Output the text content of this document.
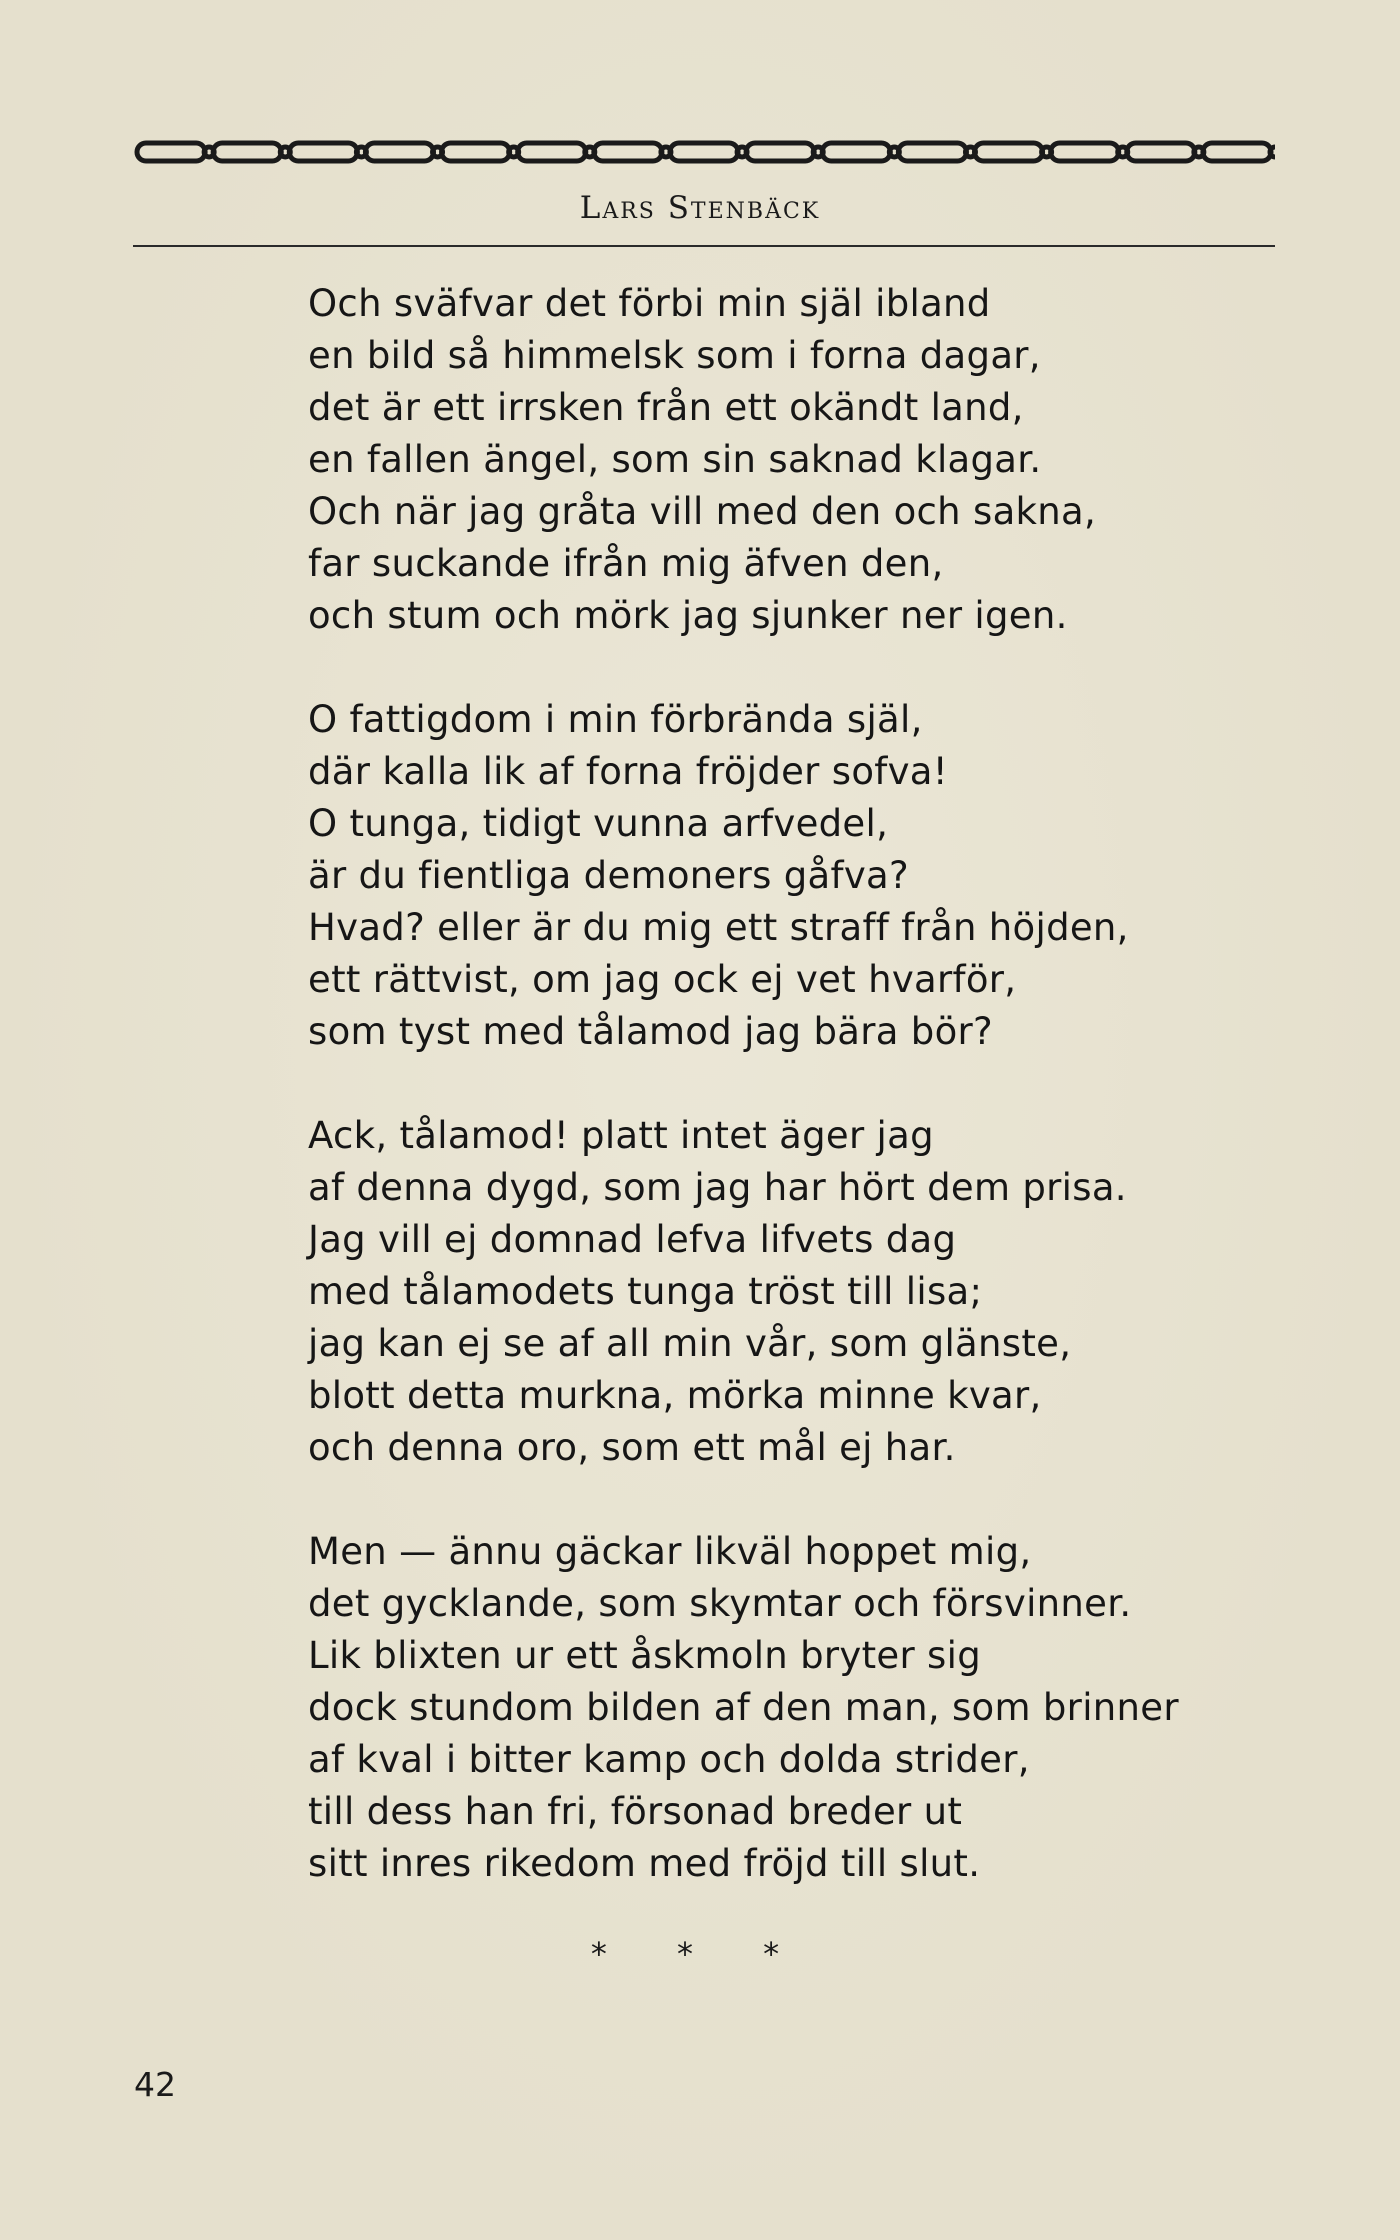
Lars Stenbäck
Och sväfvar det förbi min själ ibland
en bild så himmelsk som i forna dagar,
det är ett irrsken från ett okändt land,
en fallen ängel, som sin saknad klagar.
Och när jag gråta vill med den och sakna,
far suckande ifrån mig äfven den,
och stum och mörk jag sjunker ner igen.
O fattigdom i min förbrända själ,
där kalla lik af forna fröjder sofva!
O tunga, tidigt vunna arfvedel,
är du fientliga demoners gåfva?
Hvad? eller är du mig ett straff från höjden,
ett rättvist, om jag ock ej vet hvarför,
som tyst med tålamod jag bära bör?
Ack, tålamod! platt intet äger jag
af denna dygd, som jag har hört dem prisa.
Jag vill ej domnad lefva lifvets dag
med tålamodets tunga tröst till lisa;
jag kan ej se af all min vår, som glänste,
blott detta murkna, mörka minne kvar,
och denna oro, som ett mål ej har.
Men — ännu gäckar likväl hoppet mig,
det gycklande, som skymtar och försvinner.
Lik blixten ur ett åskmoln bryter sig
dock stundom bilden af den man, som brinner
af kval i bitter kamp och dolda strider,
till dess han fri, försonad breder ut
sitt inres rikedom med fröjd till slut.
* * *
42
